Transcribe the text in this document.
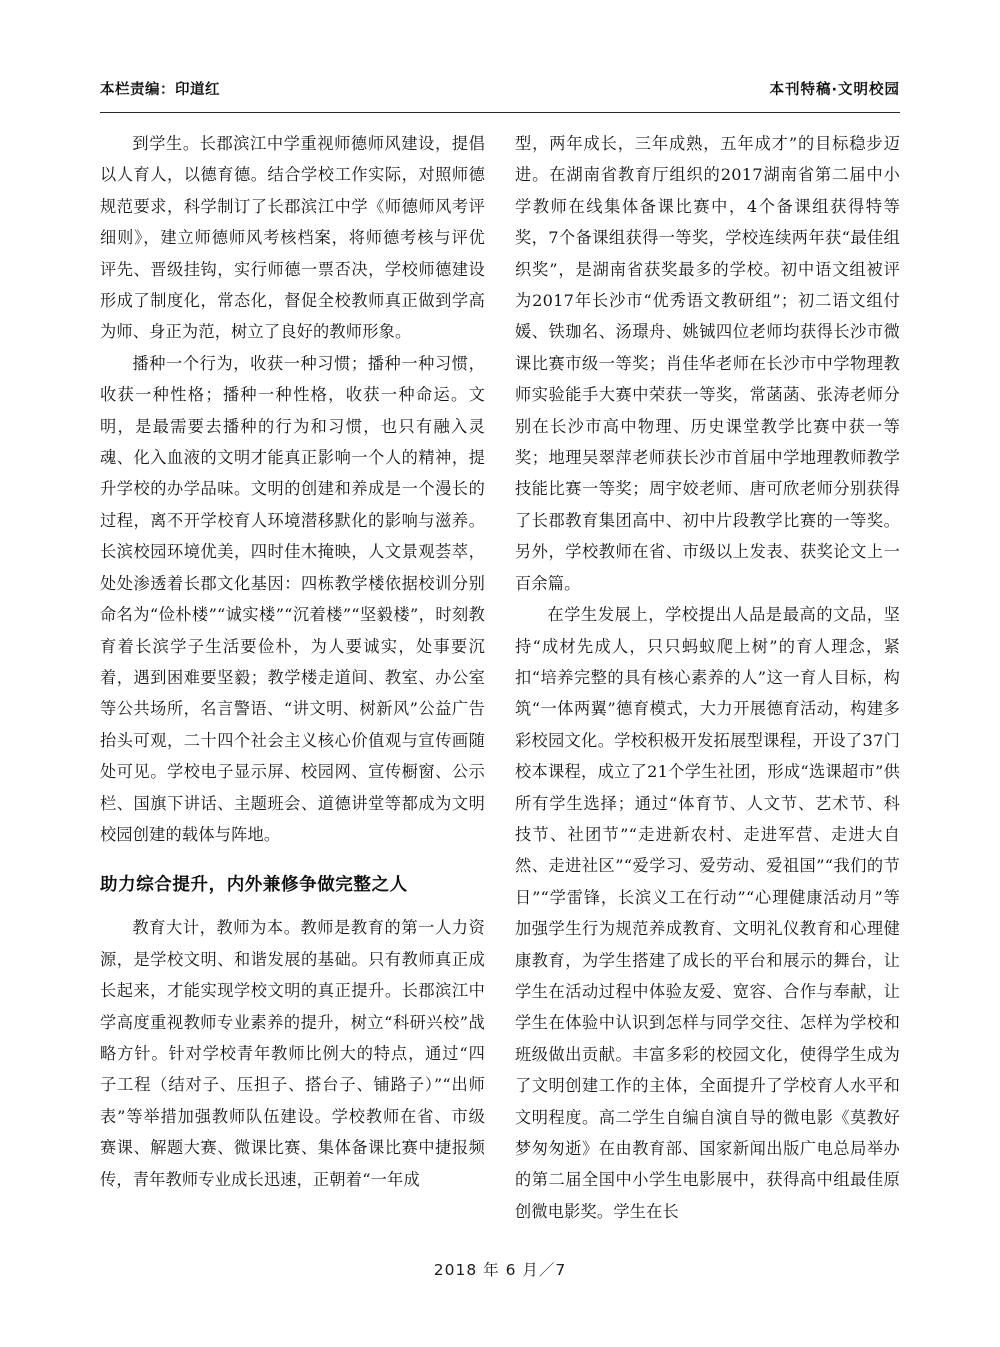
本栏责编：印道红	本刊特稿·文明校园

到学生。长郡滨江中学重视师德师风建设，提倡以人育人，以德育德。结合学校工作实际，对照师德规范要求，科学制订了长郡滨江中学《师德师风考评细则》，建立师德师风考核档案，将师德考核与评优评先、晋级挂钩，实行师德一票否决，学校师德建设形成了制度化，常态化，督促全校教师真正做到学高为师、身正为范，树立了良好的教师形象。

播种一个行为，收获一种习惯；播种一种习惯，收获一种性格；播种一种性格，收获一种命运。文明，是最需要去播种的行为和习惯，也只有融入灵魂、化入血液的文明才能真正影响一个人的精神，提升学校的办学品味。文明的创建和养成是一个漫长的过程，离不开学校育人环境潜移默化的影响与滋养。长滨校园环境优美，四时佳木掩映，人文景观荟萃，处处渗透着长郡文化基因：四栋教学楼依据校训分别命名为“俭朴楼”“诚实楼”“沉着楼”“坚毅楼”，时刻教育着长滨学子生活要俭朴，为人要诚实，处事要沉着，遇到困难要坚毅；教学楼走道间、教室、办公室等公共场所，名言警语、“讲文明、树新风”公益广告抬头可观，二十四个社会主义核心价值观与宣传画随处可见。学校电子显示屏、校园网、宣传橱窗、公示栏、国旗下讲话、主题班会、道德讲堂等都成为文明校园创建的载体与阵地。

助力综合提升，内外兼修争做完整之人

教育大计，教师为本。教师是教育的第一人力资源，是学校文明、和谐发展的基础。只有教师真正成长起来，才能实现学校文明的真正提升。长郡滨江中学高度重视教师专业素养的提升，树立“科研兴校”战略方针。针对学校青年教师比例大的特点，通过“四子工程（结对子、压担子、搭台子、铺路子）”“出师表”等举措加强教师队伍建设。学校教师在省、市级赛课、解题大赛、微课比赛、集体备课比赛中捷报频传，青年教师专业成长迅速，正朝着“一年成

型，两年成长，三年成熟，五年成才”的目标稳步迈进。在湖南省教育厅组织的2017湖南省第二届中小学教师在线集体备课比赛中，4个备课组获得特等奖，7个备课组获得一等奖，学校连续两年获“最佳组织奖”，是湖南省获奖最多的学校。初中语文组被评为2017年长沙市“优秀语文教研组”；初二语文组付媛、铁珈名、汤璟舟、姚铖四位老师均获得长沙市微课比赛市级一等奖；肖佳华老师在长沙市中学物理教师实验能手大赛中荣获一等奖，常菡菡、张涛老师分别在长沙市高中物理、历史课堂教学比赛中获一等奖；地理吴翠萍老师获长沙市首届中学地理教师教学技能比赛一等奖；周宇姣老师、唐可欣老师分别获得了长郡教育集团高中、初中片段教学比赛的一等奖。另外，学校教师在省、市级以上发表、获奖论文上一百余篇。

在学生发展上，学校提出人品是最高的文品，坚持“成材先成人，只只蚂蚁爬上树”的育人理念，紧扣“培养完整的具有核心素养的人”这一育人目标，构筑“一体两翼”德育模式，大力开展德育活动，构建多彩校园文化。学校积极开发拓展型课程，开设了37门校本课程，成立了21个学生社团，形成“选课超市”供所有学生选择；通过“体育节、人文节、艺术节、科技节、社团节”“走进新农村、走进军营、走进大自然、走进社区”“爱学习、爱劳动、爱祖国”“我们的节日”“学雷锋，长滨义工在行动”“心理健康活动月”等加强学生行为规范养成教育、文明礼仪教育和心理健康教育，为学生搭建了成长的平台和展示的舞台，让学生在活动过程中体验友爱、宽容、合作与奉献，让学生在体验中认识到怎样与同学交往、怎样为学校和班级做出贡献。丰富多彩的校园文化，使得学生成为了文明创建工作的主体，全面提升了学校育人水平和文明程度。高二学生自编自演自导的微电影《莫教好梦匆匆逝》在由教育部、国家新闻出版广电总局举办的第二届全国中小学生电影展中，获得高中组最佳原创微电影奖。学生在长

2018 年 6 月／7
